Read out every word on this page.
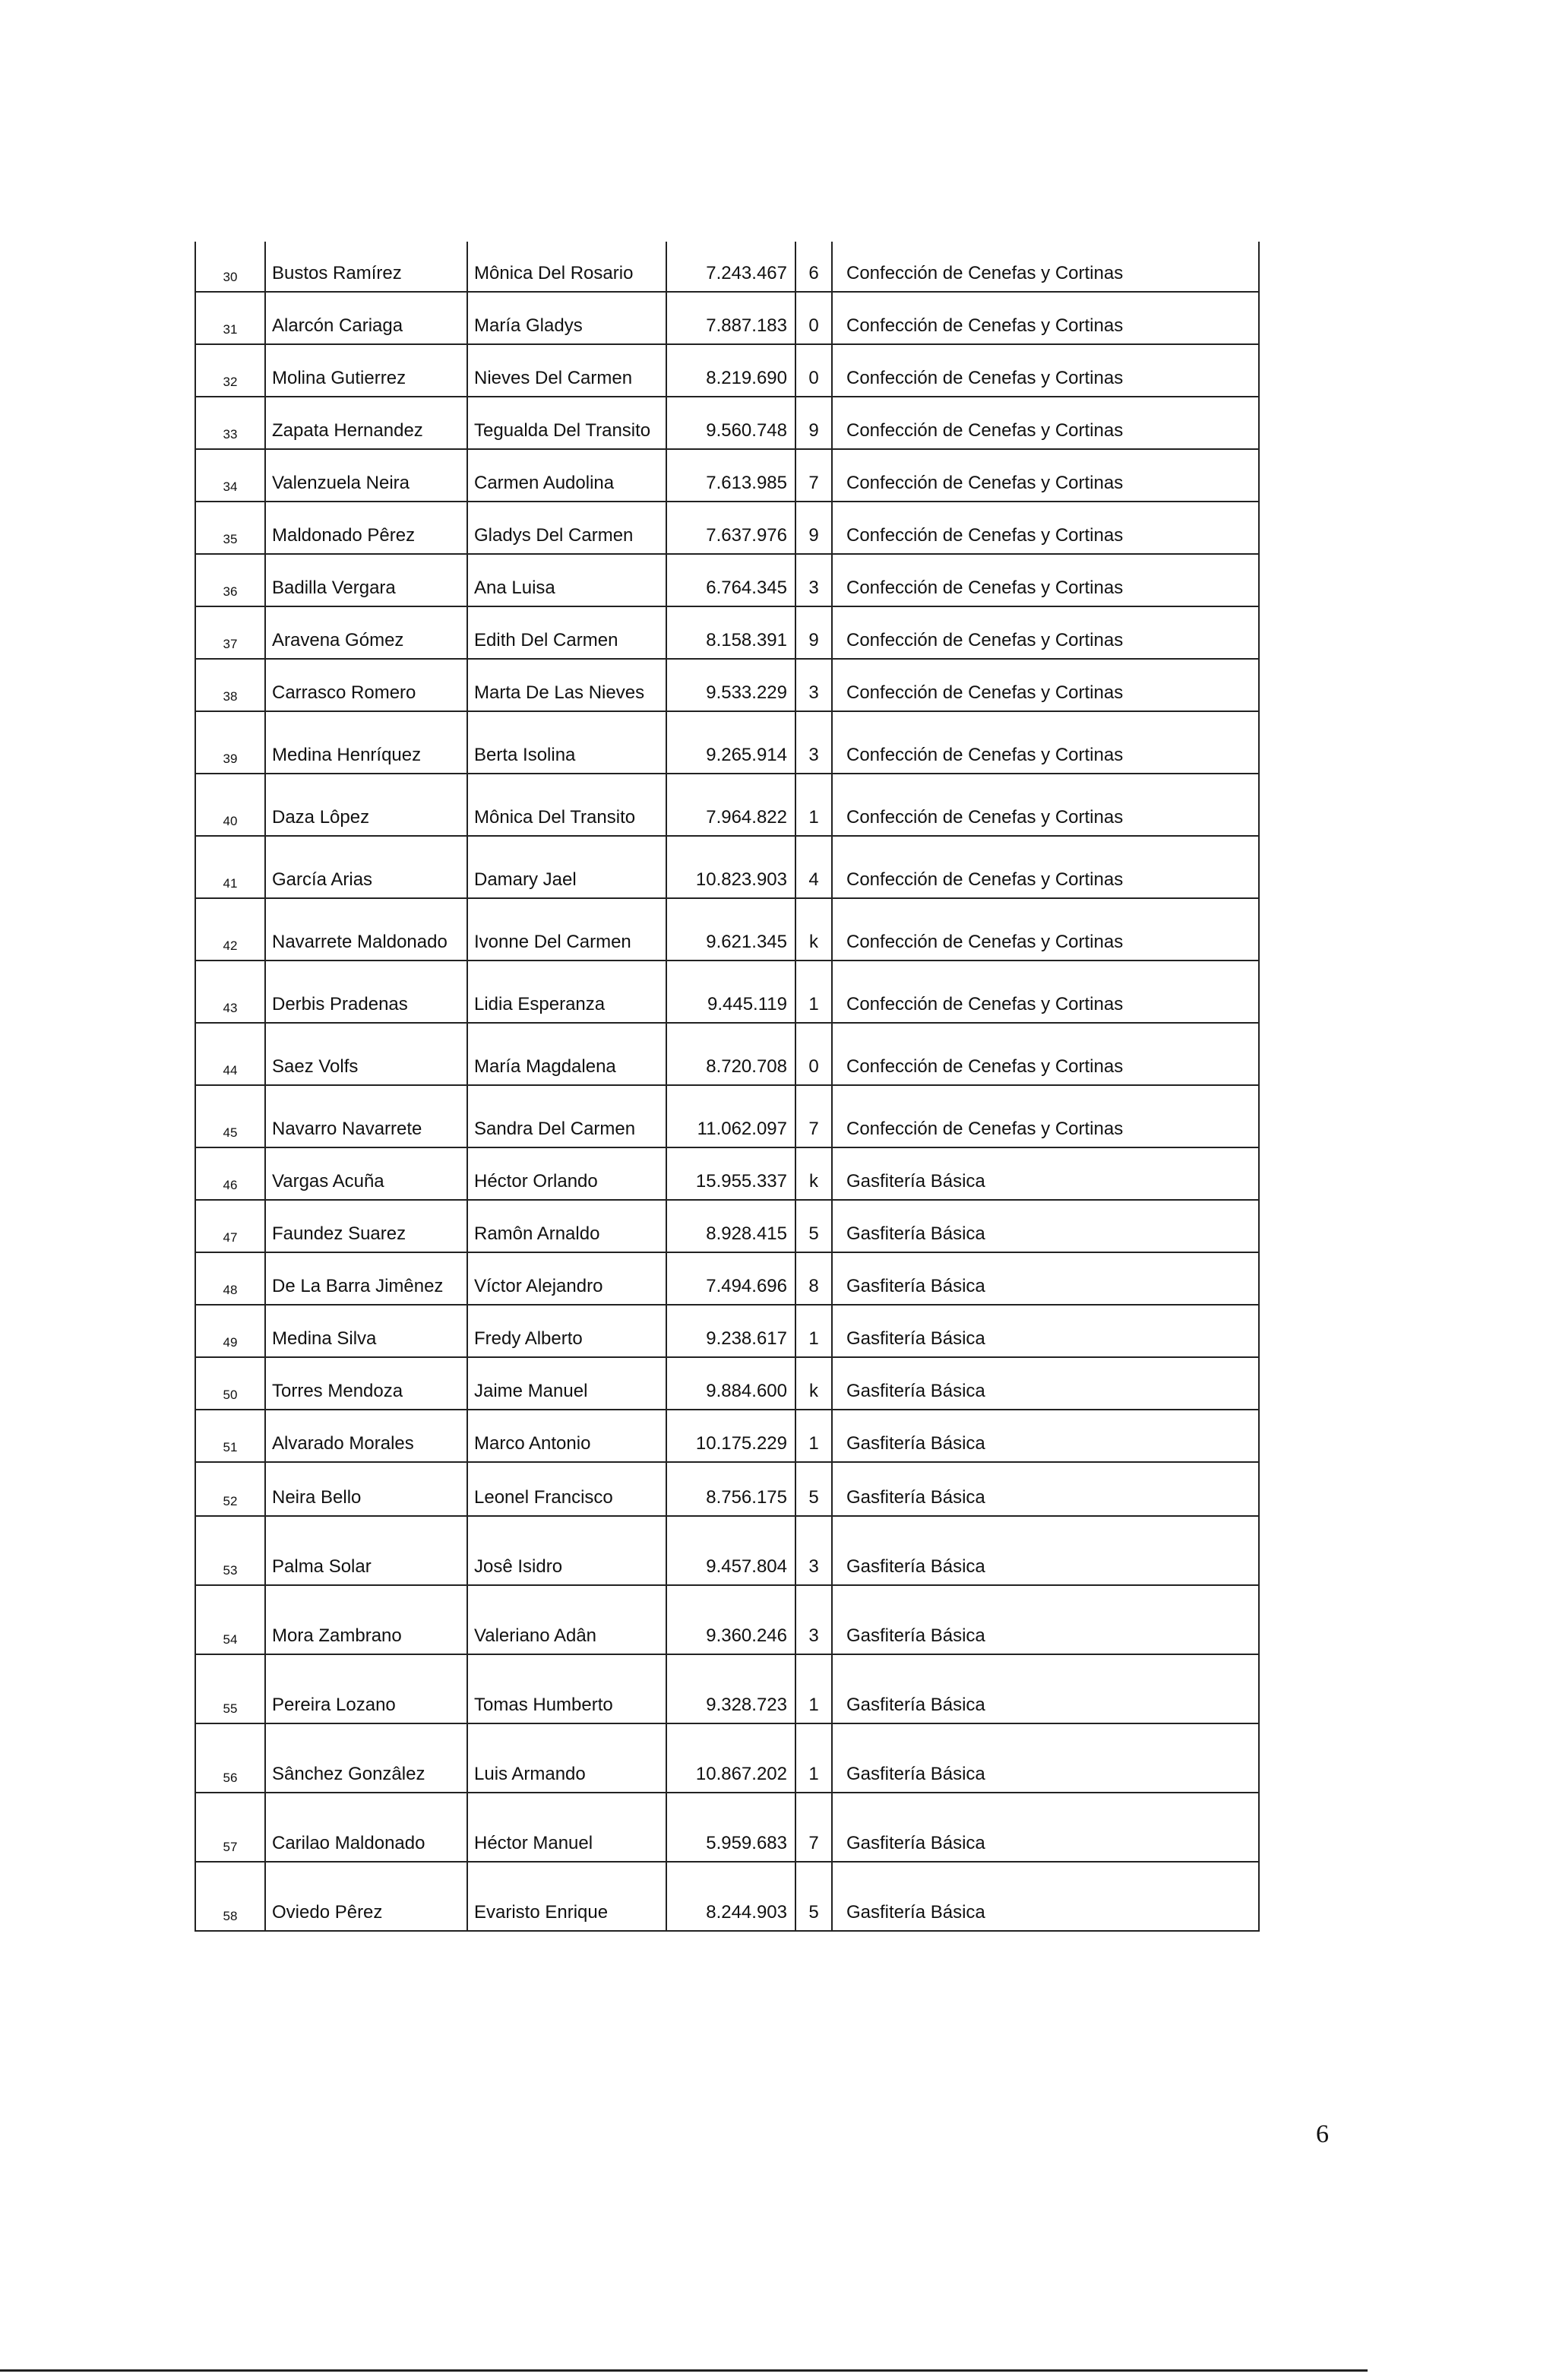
30	Bustos Ramírez	Mônica Del Rosario	7.243.467	6	Confección de Cenefas y Cortinas
31	Alarcón Cariaga	María Gladys	7.887.183	0	Confección de Cenefas y Cortinas
32	Molina Gutierrez	Nieves Del Carmen	8.219.690	0	Confección de Cenefas y Cortinas
33	Zapata Hernandez	Tegualda Del Transito	9.560.748	9	Confección de Cenefas y Cortinas
34	Valenzuela Neira	Carmen Audolina	7.613.985	7	Confección de Cenefas y Cortinas
35	Maldonado Pêrez	Gladys Del Carmen	7.637.976	9	Confección de Cenefas y Cortinas
36	Badilla Vergara	Ana Luisa	6.764.345	3	Confección de Cenefas y Cortinas
37	Aravena Gómez	Edith Del Carmen	8.158.391	9	Confección de Cenefas y Cortinas
38	Carrasco Romero	Marta De Las Nieves	9.533.229	3	Confección de Cenefas y Cortinas
39	Medina Henríquez	Berta Isolina	9.265.914	3	Confección de Cenefas y Cortinas
40	Daza Lôpez	Mônica Del Transito	7.964.822	1	Confección de Cenefas y Cortinas
41	García Arias	Damary Jael	10.823.903	4	Confección de Cenefas y Cortinas
42	Navarrete Maldonado	Ivonne Del Carmen	9.621.345	k	Confección de Cenefas y Cortinas
43	Derbis Pradenas	Lidia Esperanza	9.445.119	1	Confección de Cenefas y Cortinas
44	Saez Volfs	María Magdalena	8.720.708	0	Confección de Cenefas y Cortinas
45	Navarro Navarrete	Sandra Del Carmen	11.062.097	7	Confección de Cenefas y Cortinas
46	Vargas Acuña	Héctor Orlando	15.955.337	k	Gasfitería Básica
47	Faundez Suarez	Ramôn Arnaldo	8.928.415	5	Gasfitería Básica
48	De La Barra Jimênez	Víctor Alejandro	7.494.696	8	Gasfitería Básica
49	Medina Silva	Fredy Alberto	9.238.617	1	Gasfitería Básica
50	Torres Mendoza	Jaime Manuel	9.884.600	k	Gasfitería Básica
51	Alvarado Morales	Marco Antonio	10.175.229	1	Gasfitería Básica
52	Neira Bello	Leonel Francisco	8.756.175	5	Gasfitería Básica
53	Palma Solar	Josê Isidro	9.457.804	3	Gasfitería Básica
54	Mora Zambrano	Valeriano Adân	9.360.246	3	Gasfitería Básica
55	Pereira Lozano	Tomas Humberto	9.328.723	1	Gasfitería Básica
56	Sânchez Gonzâlez	Luis Armando	10.867.202	1	Gasfitería Básica
57	Carilao Maldonado	Héctor Manuel	5.959.683	7	Gasfitería Básica
58	Oviedo Pêrez	Evaristo Enrique	8.244.903	5	Gasfitería Básica
6
